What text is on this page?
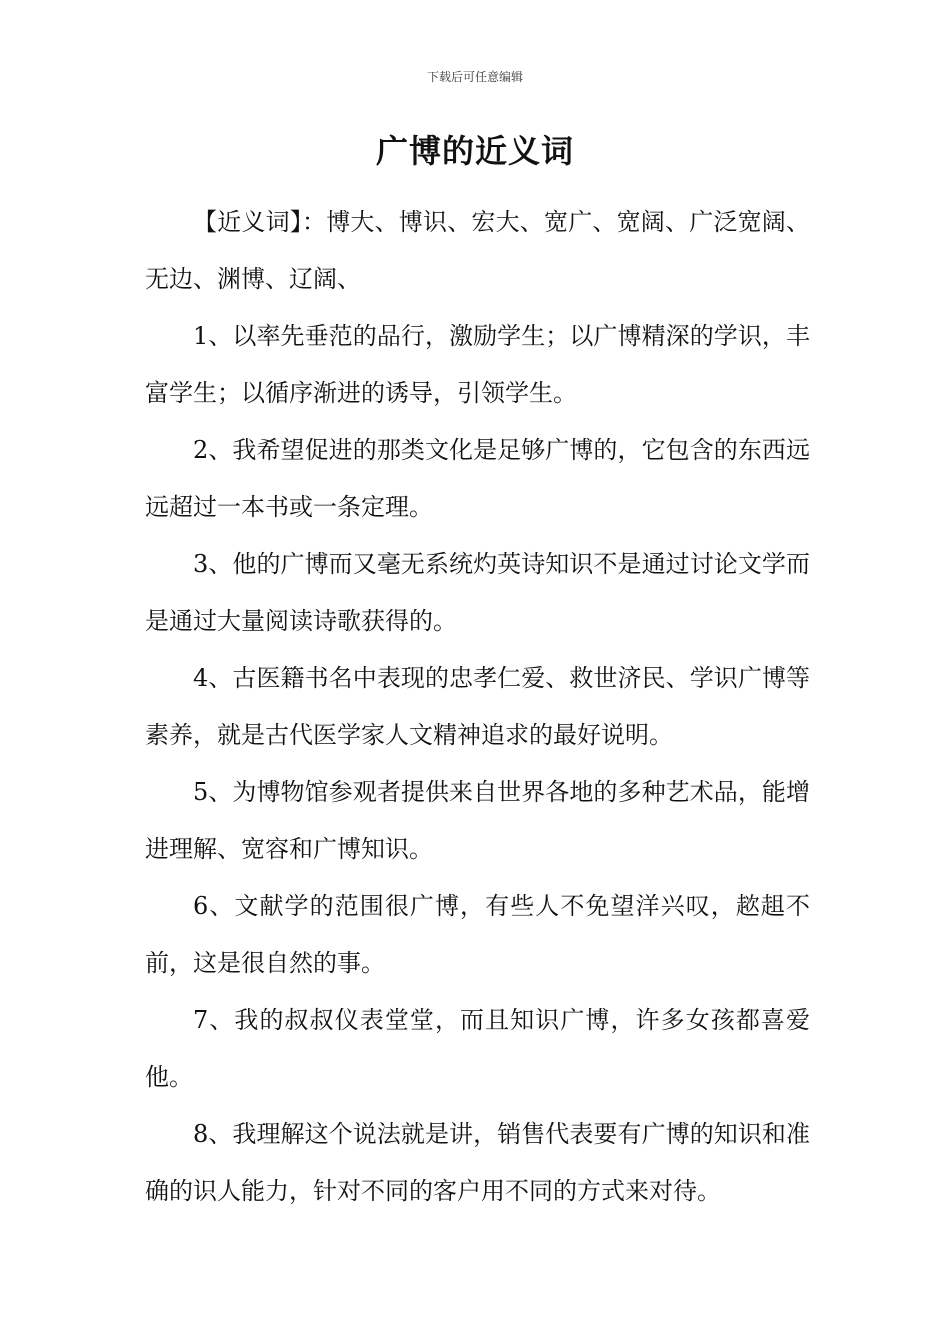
下载后可任意编辑
广博的近义词

【近义词】：博大、博识、宏大、宽广、宽阔、广泛宽阔、无边、渊博、辽阔、

1、以率先垂范的品行，激励学生；以广博精深的学识，丰富学生；以循序渐进的诱导，引领学生。

2、我希望促进的那类文化是足够广博的，它包含的东西远远超过一本书或一条定理。

3、他的广博而又毫无系统灼英诗知识不是通过讨论文学而是通过大量阅读诗歌获得的。

4、古医籍书名中表现的忠孝仁爱、救世济民、学识广博等素养，就是古代医学家人文精神追求的最好说明。

5、为博物馆参观者提供来自世界各地的多种艺术品，能增进理解、宽容和广博知识。

6、文献学的范围很广博，有些人不免望洋兴叹，趑趄不前，这是很自然的事。

7、我的叔叔仪表堂堂，而且知识广博，许多女孩都喜爱他。

8、我理解这个说法就是讲，销售代表要有广博的知识和准确的识人能力，针对不同的客户用不同的方式来对待。
